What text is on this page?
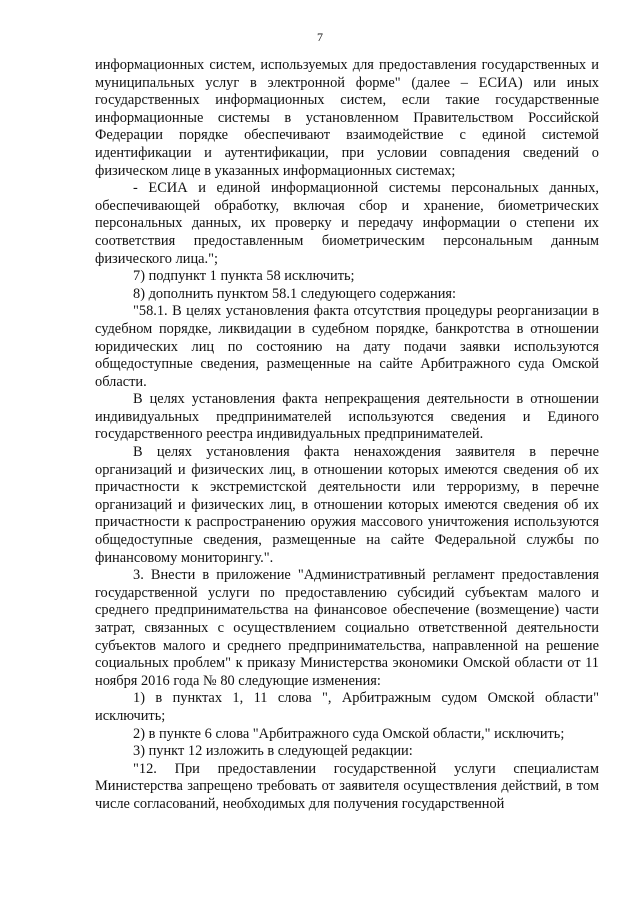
7

информационных систем, используемых для предоставления государственных и муниципальных услуг в электронной форме" (далее – ЕСИА) или иных государственных информационных систем, если такие государственные информационные системы в установленном Правительством Российской Федерации порядке обеспечивают взаимодействие с единой системой идентификации и аутентификации, при условии совпадения сведений о физическом лице в указанных информационных системах;

- ЕСИА и единой информационной системы персональных данных, обеспечивающей обработку, включая сбор и хранение, биометрических персональных данных, их проверку и передачу информации о степени их соответствия предоставленным биометрическим персональным данным физического лица.";

7) подпункт 1 пункта 58 исключить;

8) дополнить пунктом 58.1 следующего содержания:

"58.1. В целях установления факта отсутствия процедуры реорганизации в судебном порядке, ликвидации в судебном порядке, банкротства в отношении юридических лиц по состоянию на дату подачи заявки используются общедоступные сведения, размещенные на сайте Арбитражного суда Омской области.

В целях установления факта непрекращения деятельности в отношении индивидуальных предпринимателей используются сведения и Единого государственного реестра индивидуальных предпринимателей.

В целях установления факта ненахождения заявителя в перечне организаций и физических лиц, в отношении которых имеются сведения об их причастности к экстремистской деятельности или терроризму, в перечне организаций и физических лиц, в отношении которых имеются сведения об их причастности к распространению оружия массового уничтожения используются общедоступные сведения, размещенные на сайте Федеральной службы по финансовому мониторингу.".

3. Внести в приложение "Административный регламент предоставления государственной услуги по предоставлению субсидий субъектам малого и среднего предпринимательства на финансовое обеспечение (возмещение) части затрат, связанных с осуществлением социально ответственной деятельности субъектов малого и среднего предпринимательства, направленной на решение социальных проблем" к приказу Министерства экономики Омской области от 11 ноября 2016 года № 80 следующие изменения:

1) в пунктах 1, 11 слова ", Арбитражным судом Омской области" исключить;

2) в пункте 6 слова "Арбитражного суда Омской области," исключить;

3) пункт 12 изложить в следующей редакции:

"12. При предоставлении государственной услуги специалистам Министерства запрещено требовать от заявителя осуществления действий, в том числе согласований, необходимых для получения государственной
